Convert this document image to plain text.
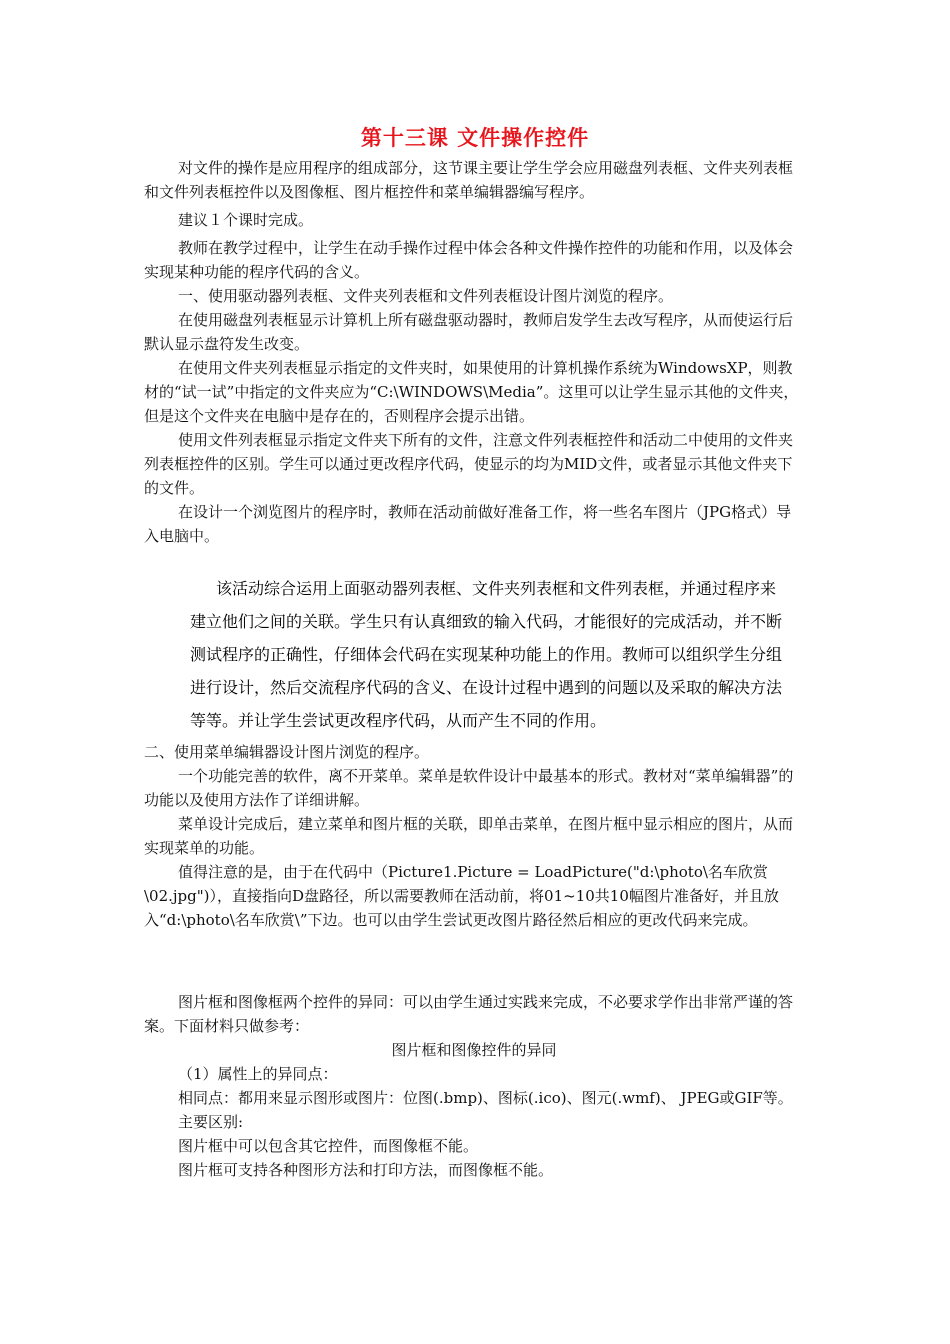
第十三课 文件操作控件

对文件的操作是应用程序的组成部分，这节课主要让学生学会应用磁盘列表框、文件夹列表框和文件列表框控件以及图像框、图片框控件和菜单编辑器编写程序。

建议１个课时完成。

教师在教学过程中，让学生在动手操作过程中体会各种文件操作控件的功能和作用，以及体会实现某种功能的程序代码的含义。

一、使用驱动器列表框、文件夹列表框和文件列表框设计图片浏览的程序。

在使用磁盘列表框显示计算机上所有磁盘驱动器时，教师启发学生去改写程序，从而使运行后默认显示盘符发生改变。

在使用文件夹列表框显示指定的文件夹时，如果使用的计算机操作系统为WindowsXP，则教材的“试一试”中指定的文件夹应为“C:\WINDOWS\Media”。这里可以让学生显示其他的文件夹，但是这个文件夹在电脑中是存在的，否则程序会提示出错。

使用文件列表框显示指定文件夹下所有的文件，注意文件列表框控件和活动二中使用的文件夹列表框控件的区别。学生可以通过更改程序代码，使显示的均为MID文件，或者显示其他文件夹下的文件。

在设计一个浏览图片的程序时，教师在活动前做好准备工作，将一些名车图片（JPG格式）导入电脑中。

该活动综合运用上面驱动器列表框、文件夹列表框和文件列表框，并通过程序来建立他们之间的关联。学生只有认真细致的输入代码，才能很好的完成活动，并不断测试程序的正确性，仔细体会代码在实现某种功能上的作用。教师可以组织学生分组进行设计，然后交流程序代码的含义、在设计过程中遇到的问题以及采取的解决方法等等。并让学生尝试更改程序代码，从而产生不同的作用。

二、使用菜单编辑器设计图片浏览的程序。

一个功能完善的软件，离不开菜单。菜单是软件设计中最基本的形式。教材对“菜单编辑器”的功能以及使用方法作了详细讲解。

菜单设计完成后，建立菜单和图片框的关联，即单击菜单，在图片框中显示相应的图片，从而实现菜单的功能。

值得注意的是，由于在代码中（Picture1.Picture = LoadPicture("d:\photo\名车欣赏\02.jpg")），直接指向D盘路径，所以需要教师在活动前，将01~10共10幅图片准备好，并且放入“d:\photo\名车欣赏\”下边。也可以由学生尝试更改图片路径然后相应的更改代码来完成。

图片框和图像框两个控件的异同：可以由学生通过实践来完成，不必要求学作出非常严谨的答案。下面材料只做参考：

图片框和图像控件的异同

（1）属性上的异同点：

相同点：都用来显示图形或图片：位图(.bmp)、图标(.ico)、图元(.wmf)、 JPEG或GIF等。

主要区别:

图片框中可以包含其它控件，而图像框不能。

图片框可支持各种图形方法和打印方法，而图像框不能。
